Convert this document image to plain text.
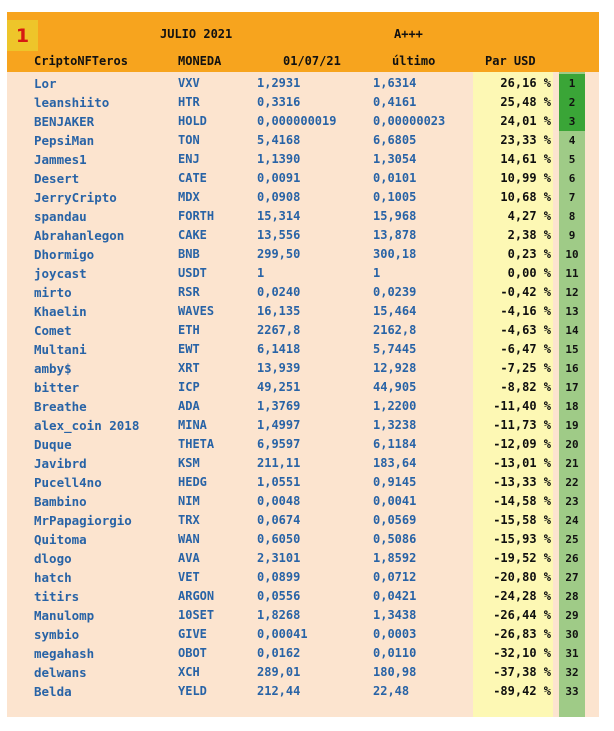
1	JULIO 2021	A+++
CriptoNFTeros	MONEDA	01/07/21	último	Par USD
Lor	VXV	1,2931	1,6314	26,16 %	1
leanshiito	HTR	0,3316	0,4161	25,48 %	2
BENJAKER	HOLD	0,000000019	0,00000023	24,01 %	3
PepsiMan	TON	5,4168	6,6805	23,33 %	4
Jammes1	ENJ	1,1390	1,3054	14,61 %	5
Desert	CATE	0,0091	0,0101	10,99 %	6
JerryCripto	MDX	0,0908	0,1005	10,68 %	7
spandau	FORTH	15,314	15,968	4,27 %	8
Abrahanlegon	CAKE	13,556	13,878	2,38 %	9
Dhormigo	BNB	299,50	300,18	0,23 %	10
joycast	USDT	1	1	0,00 %	11
mirto	RSR	0,0240	0,0239	-0,42 %	12
Khaelin	WAVES	16,135	15,464	-4,16 %	13
Comet	ETH	2267,8	2162,8	-4,63 %	14
Multani	EWT	6,1418	5,7445	-6,47 %	15
amby$	XRT	13,939	12,928	-7,25 %	16
bitter	ICP	49,251	44,905	-8,82 %	17
Breathe	ADA	1,3769	1,2200	-11,40 %	18
alex_coin 2018	MINA	1,4997	1,3238	-11,73 %	19
Duque	THETA	6,9597	6,1184	-12,09 %	20
Javibrd	KSM	211,11	183,64	-13,01 %	21
Pucell4no	HEDG	1,0551	0,9145	-13,33 %	22
Bambino	NIM	0,0048	0,0041	-14,58 %	23
MrPapagiorgio	TRX	0,0674	0,0569	-15,58 %	24
Quitoma	WAN	0,6050	0,5086	-15,93 %	25
dlogo	AVA	2,3101	1,8592	-19,52 %	26
hatch	VET	0,0899	0,0712	-20,80 %	27
titirs	ARGON	0,0556	0,0421	-24,28 %	28
Manulomp	10SET	1,8268	1,3438	-26,44 %	29
symbio	GIVE	0,00041	0,0003	-26,83 %	30
megahash	OBOT	0,0162	0,0110	-32,10 %	31
delwans	XCH	289,01	180,98	-37,38 %	32
Belda	YELD	212,44	22,48	-89,42 %	33
